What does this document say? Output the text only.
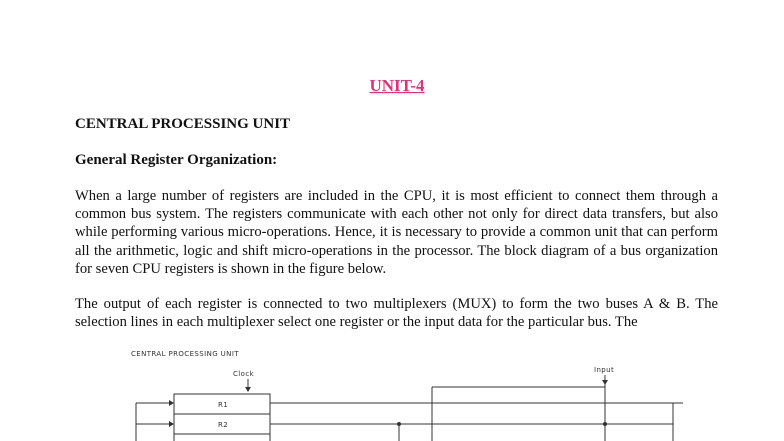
UNIT-4
CENTRAL PROCESSING UNIT
General Register Organization:

When a large number of registers are included in the CPU, it is most efficient to connect them through a common bus system. The registers communicate with each other not only for direct data transfers, but also while performing various micro-operations. Hence, it is necessary to provide a common unit that can perform all the arithmetic, logic and shift micro-operations in the processor. The block diagram of a bus organization for seven CPU registers is shown in the figure below.

The output of each register is connected to two multiplexers (MUX) to form the two buses A & B. The selection lines in each multiplexer select one register or the input data for the particular bus. The

CENTRAL PROCESSING UNIT
Clock	Input
R1
R2
